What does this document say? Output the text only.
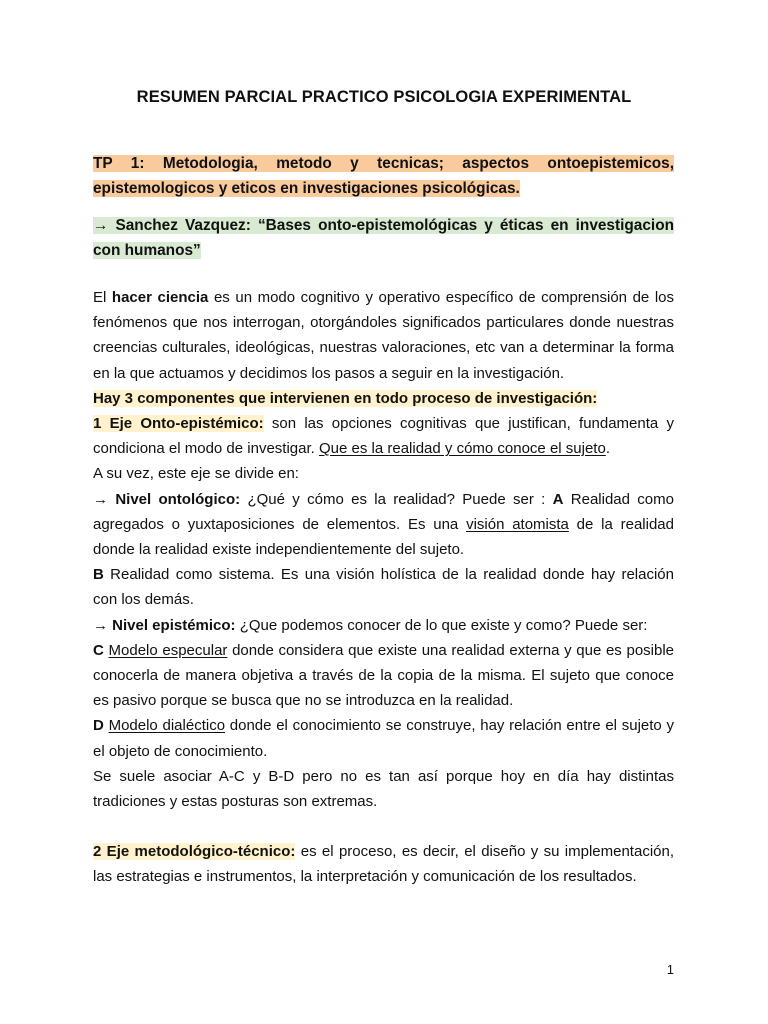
RESUMEN PARCIAL PRACTICO PSICOLOGIA EXPERIMENTAL

TP 1: Metodologia, metodo y tecnicas; aspectos ontoepistemicos, epistemologicos y eticos en investigaciones psicológicas.

→ Sanchez Vazquez: “Bases onto-epistemológicas y éticas en investigacion con humanos”

El hacer ciencia es un modo cognitivo y operativo específico de comprensión de los fenómenos que nos interrogan, otorgándoles significados particulares donde nuestras creencias culturales, ideológicas, nuestras valoraciones, etc van a determinar la forma en la que actuamos y decidimos los pasos a seguir en la investigación.

Hay 3 componentes que intervienen en todo proceso de investigación:

1 Eje Onto-epistémico: son las opciones cognitivas que justifican, fundamenta y condiciona el modo de investigar. Que es la realidad y cómo conoce el sujeto.

A su vez, este eje se divide en:

→ Nivel ontológico: ¿Qué y cómo es la realidad? Puede ser : A Realidad como agregados o yuxtaposiciones de elementos. Es una visión atomista de la realidad donde la realidad existe independientemente del sujeto.

B Realidad como sistema. Es una visión holística de la realidad donde hay relación con los demás.

→ Nivel epistémico: ¿Que podemos conocer de lo que existe y como? Puede ser:

C Modelo especular donde considera que existe una realidad externa y que es posible conocerla de manera objetiva a través de la copia de la misma. El sujeto que conoce es pasivo porque se busca que no se introduzca en la realidad.

D Modelo dialéctico donde el conocimiento se construye, hay relación entre el sujeto y el objeto de conocimiento.

Se suele asociar A-C y B-D pero no es tan así porque hoy en día hay distintas tradiciones y estas posturas son extremas.

2 Eje metodológico-técnico: es el proceso, es decir, el diseño y su implementación, las estrategias e instrumentos, la interpretación y comunicación de los resultados.

1
